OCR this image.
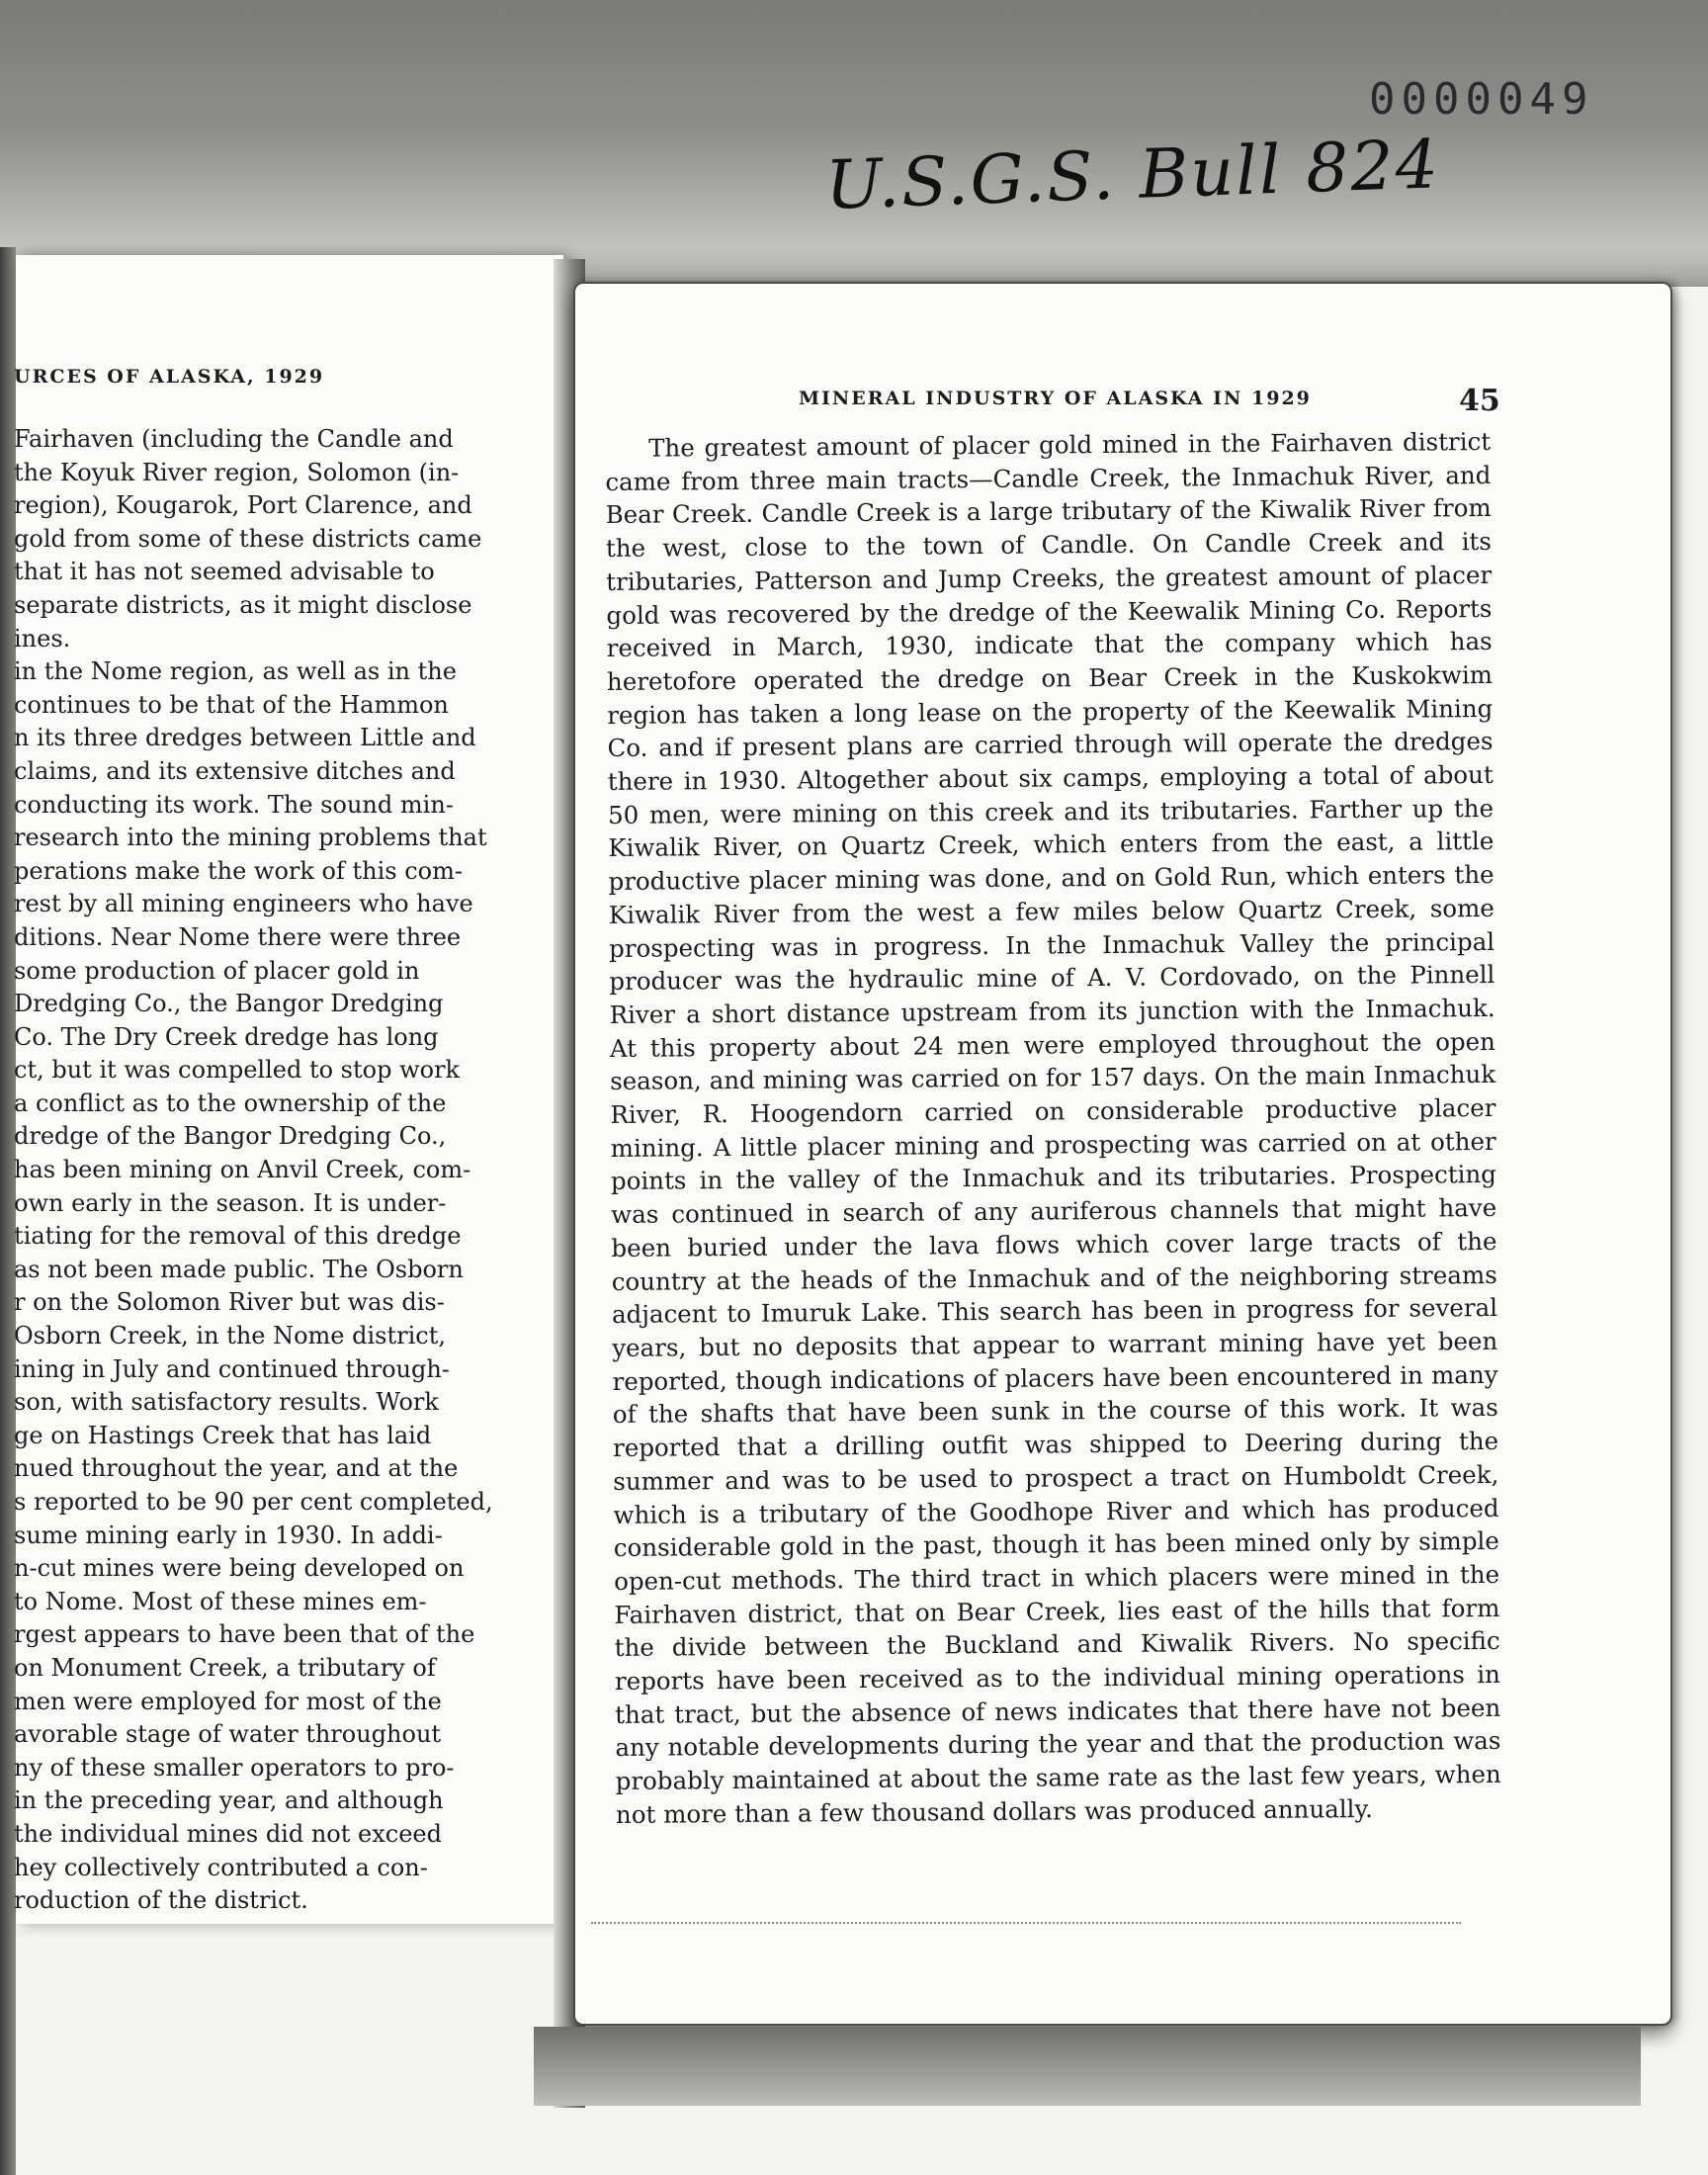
0000049
U.S.G.S. Bull 824
URCES OF ALASKA, 1929
Fairhaven (including the Candle and
the Koyuk River region, Solomon (in-
region), Kougarok, Port Clarence, and
gold from some of these districts came
that it has not seemed advisable to
separate districts, as it might disclose
ines.
in the Nome region, as well as in the
continues to be that of the Hammon
n its three dredges between Little and
claims, and its extensive ditches and
conducting its work. The sound min-
research into the mining problems that
perations make the work of this com-
rest by all mining engineers who have
ditions. Near Nome there were three
some production of placer gold in
Dredging Co., the Bangor Dredging
Co. The Dry Creek dredge has long
ct, but it was compelled to stop work
a conflict as to the ownership of the
dredge of the Bangor Dredging Co.,
has been mining on Anvil Creek, com-
own early in the season. It is under-
tiating for the removal of this dredge
as not been made public. The Osborn
r on the Solomon River but was dis-
Osborn Creek, in the Nome district,
ining in July and continued through-
son, with satisfactory results. Work
ge on Hastings Creek that has laid
nued throughout the year, and at the
s reported to be 90 per cent completed,
sume mining early in 1930. In addi-
n-cut mines were being developed on
to Nome. Most of these mines em-
rgest appears to have been that of the
on Monument Creek, a tributary of
men were employed for most of the
avorable stage of water throughout
ny of these smaller operators to pro-
in the preceding year, and although
the individual mines did not exceed
hey collectively contributed a con-
roduction of the district.
MINERAL INDUSTRY OF ALASKA IN 1929	45
The greatest amount of placer gold mined in the Fairhaven district came from three main tracts—Candle Creek, the Inmachuk River, and Bear Creek. Candle Creek is a large tributary of the Kiwalik River from the west, close to the town of Candle. On Candle Creek and its tributaries, Patterson and Jump Creeks, the greatest amount of placer gold was recovered by the dredge of the Keewalik Mining Co. Reports received in March, 1930, indicate that the company which has heretofore operated the dredge on Bear Creek in the Kuskokwim region has taken a long lease on the property of the Keewalik Mining Co. and if present plans are carried through will operate the dredges there in 1930. Altogether about six camps, employing a total of about 50 men, were mining on this creek and its tributaries. Farther up the Kiwalik River, on Quartz Creek, which enters from the east, a little productive placer mining was done, and on Gold Run, which enters the Kiwalik River from the west a few miles below Quartz Creek, some prospecting was in progress. In the Inmachuk Valley the principal producer was the hydraulic mine of A. V. Cordovado, on the Pinnell River a short distance upstream from its junction with the Inmachuk. At this property about 24 men were employed throughout the open season, and mining was carried on for 157 days. On the main Inmachuk River, R. Hoogendorn carried on considerable productive placer mining. A little placer mining and prospecting was carried on at other points in the valley of the Inmachuk and its tributaries. Prospecting was continued in search of any auriferous channels that might have been buried under the lava flows which cover large tracts of the country at the heads of the Inmachuk and of the neighboring streams adjacent to Imuruk Lake. This search has been in progress for several years, but no deposits that appear to warrant mining have yet been reported, though indications of placers have been encountered in many of the shafts that have been sunk in the course of this work. It was reported that a drilling outfit was shipped to Deering during the summer and was to be used to prospect a tract on Humboldt Creek, which is a tributary of the Goodhope River and which has produced considerable gold in the past, though it has been mined only by simple open-cut methods. The third tract in which placers were mined in the Fairhaven district, that on Bear Creek, lies east of the hills that form the divide between the Buckland and Kiwalik Rivers. No specific reports have been received as to the individual mining operations in that tract, but the absence of news indicates that there have not been any notable developments during the year and that the production was probably maintained at about the same rate as the last few years, when not more than a few thousand dollars was produced annually.
